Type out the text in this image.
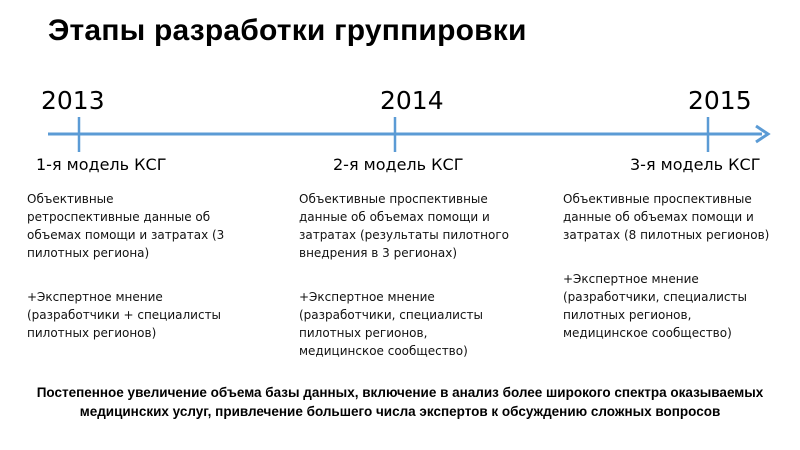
Этапы разработки группировки
2013	2014	2015
1-я модель КСГ	2-я модель КСГ	3-я модель КСГ
Объективные ретроспективные данные об объемах помощи и затратах (3 пилотных региона)
+Экспертное мнение (разработчики + специалисты пилотных регионов)
Объективные проспективные данные об объемах помощи и затратах (результаты пилотного внедрения в 3 регионах)
+Экспертное мнение (разработчики, специалисты пилотных регионов, медицинское сообщество)
Объективные проспективные данные об объемах помощи и затратах (8 пилотных регионов)
+Экспертное мнение (разработчики, специалисты пилотных регионов, медицинское сообщество)
Постепенное увеличение объема базы данных, включение в анализ более широкого спектра оказываемых медицинских услуг, привлечение большего числа экспертов к обсуждению сложных вопросов
